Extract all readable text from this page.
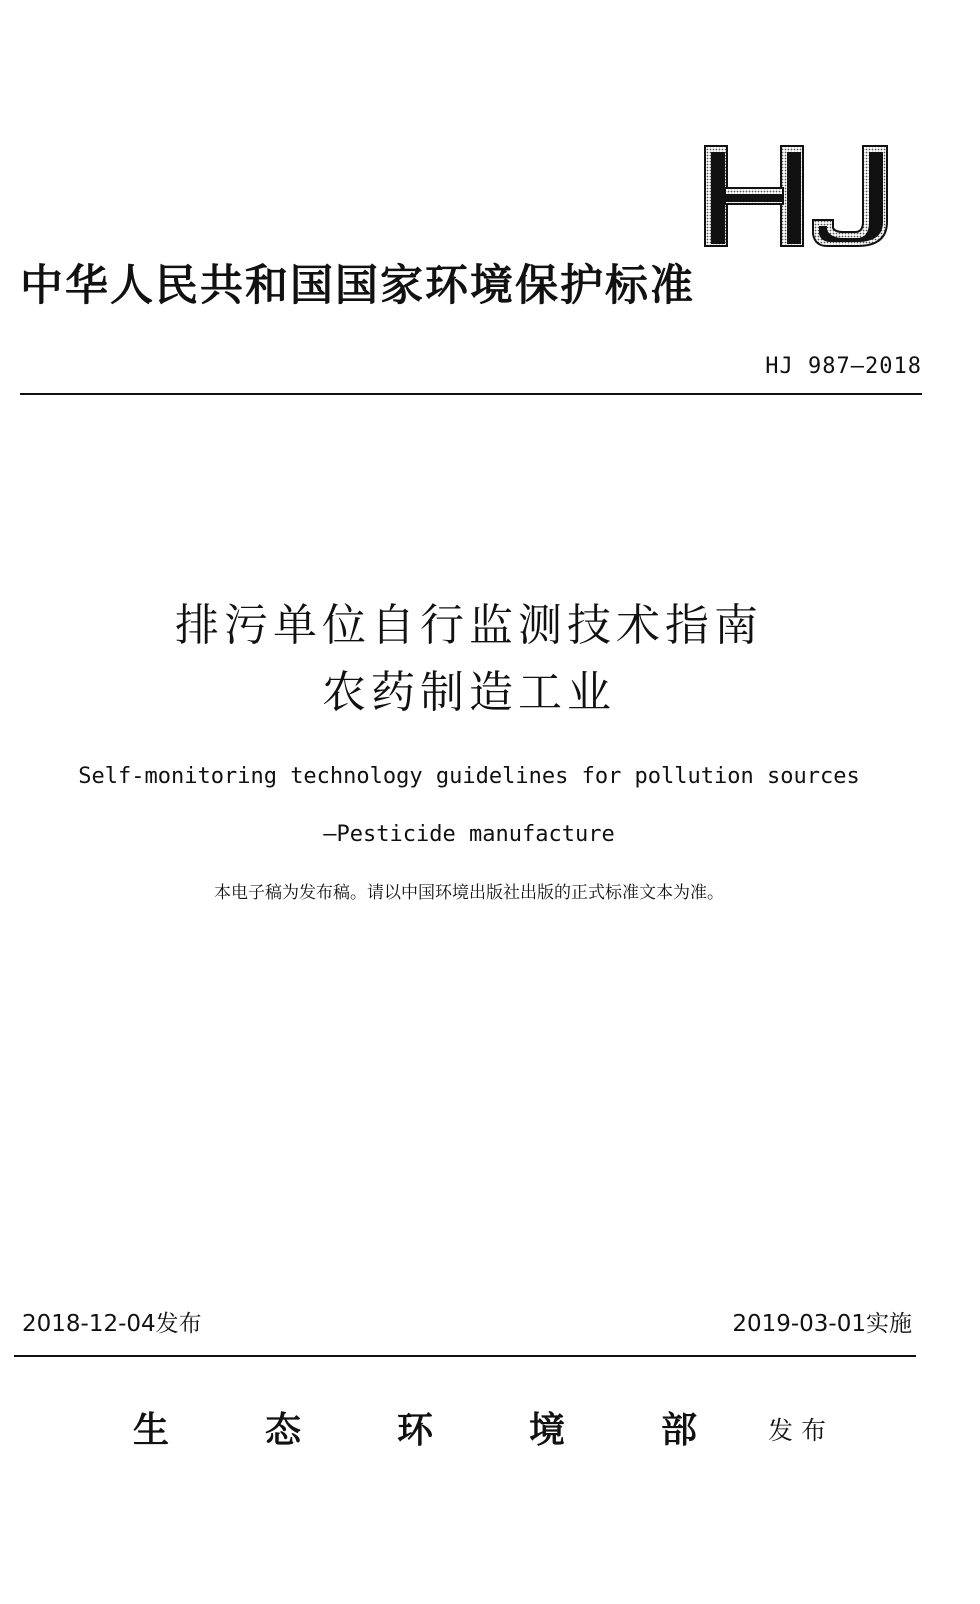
HJ
中华人民共和国国家环境保护标准
HJ 987—2018
排污单位自行监测技术指南
农药制造工业
Self-monitoring technology guidelines for pollution sources
—Pesticide manufacture
本电子稿为发布稿。请以中国环境出版社出版的正式标准文本为准。
2018-12-04发布	2019-03-01实施
生	态	环	境	部	发布
